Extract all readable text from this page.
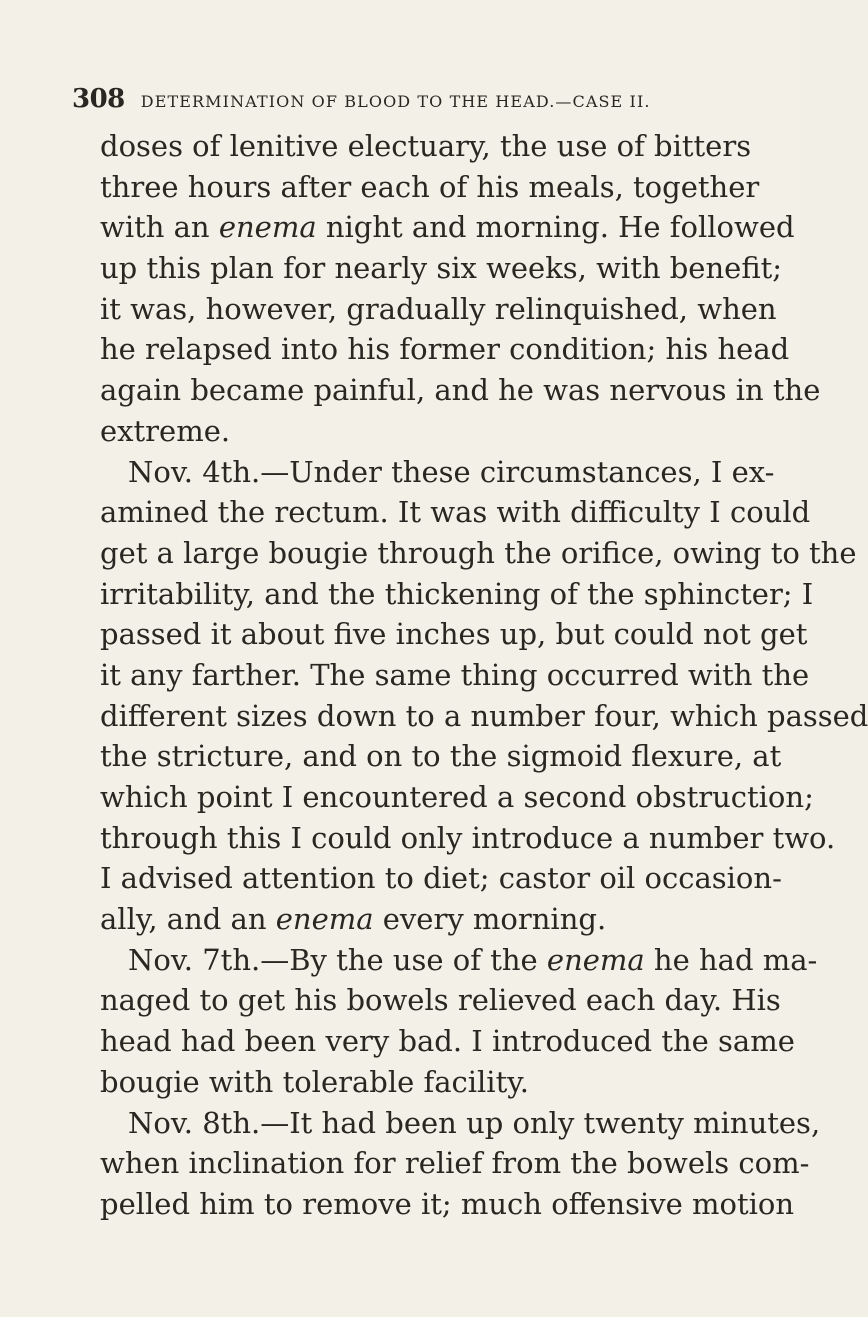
308 DETERMINATION OF BLOOD TO THE HEAD.—CASE II.
doses of lenitive electuary, the use of bitters
three hours after each of his meals, together
with an enema night and morning. He followed
up this plan for nearly six weeks, with benefit;
it was, however, gradually relinquished, when
he relapsed into his former condition; his head
again became painful, and he was nervous in the
extreme.
Nov. 4th.—Under these circumstances, I ex-
amined the rectum. It was with difficulty I could
get a large bougie through the orifice, owing to the
irritability, and the thickening of the sphincter; I
passed it about five inches up, but could not get
it any farther. The same thing occurred with the
different sizes down to a number four, which passed
the stricture, and on to the sigmoid flexure, at
which point I encountered a second obstruction;
through this I could only introduce a number two.
I advised attention to diet; castor oil occasion-
ally, and an enema every morning.
Nov. 7th.—By the use of the enema he had ma-
naged to get his bowels relieved each day. His
head had been very bad. I introduced the same
bougie with tolerable facility.
Nov. 8th.—It had been up only twenty minutes,
when inclination for relief from the bowels com-
pelled him to remove it; much offensive motion
